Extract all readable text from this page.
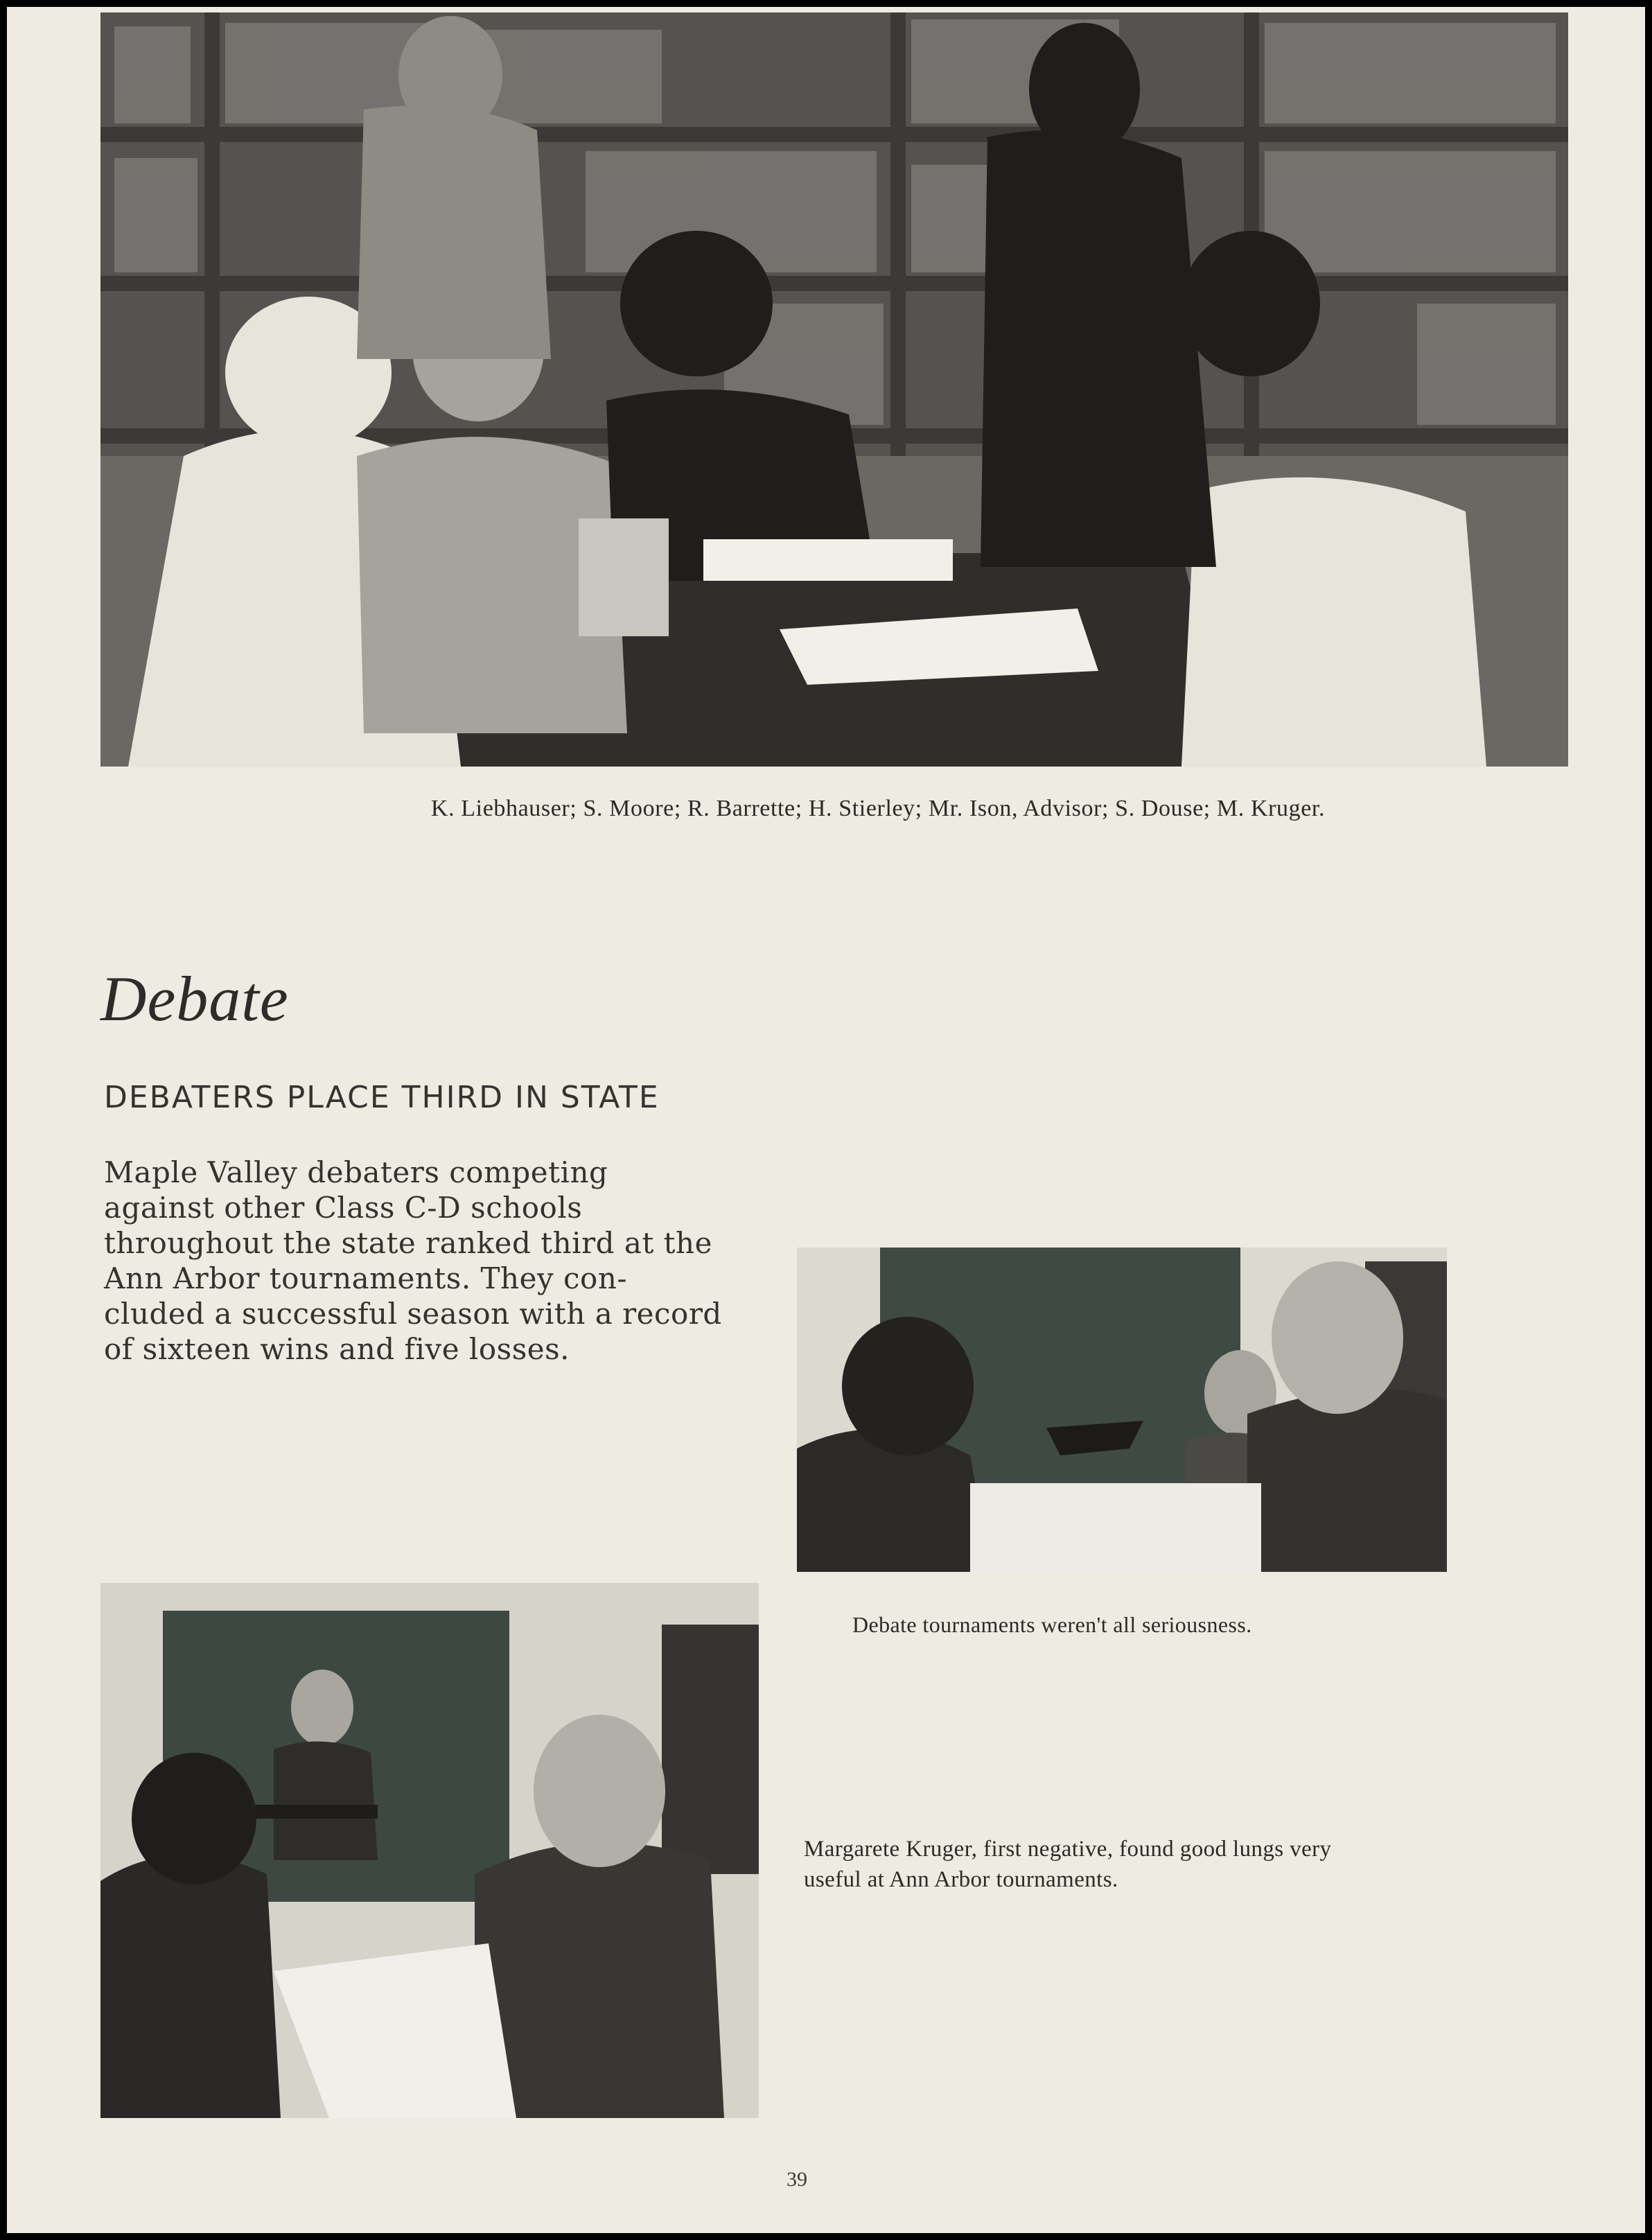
K. Liebhauser; S. Moore; R. Barrette; H. Stierley; Mr. Ison, Advisor; S. Douse; M. Kruger.
Debate
DEBATERS PLACE THIRD IN STATE
Maple Valley debaters competing
against other Class C-D schools
throughout the state ranked third at the
Ann Arbor tournaments. They con-
cluded a successful season with a record
of sixteen wins and five losses.
Debate tournaments weren't all seriousness.
Margarete Kruger, first negative, found good lungs very
useful at Ann Arbor tournaments.
39
